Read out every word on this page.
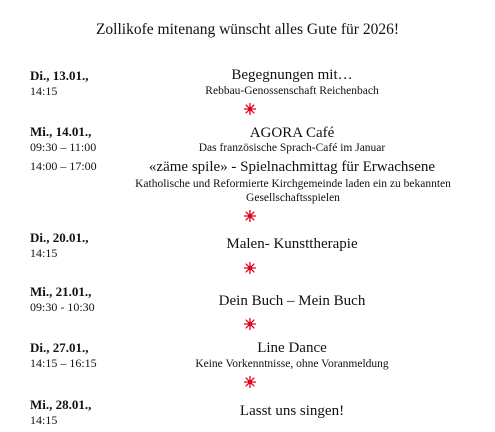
Zollikofe mitenang wünscht alles Gute für 2026!
Di., 13.01.,
14:15
Begegnungen mit…
Rebbau-Genossenschaft Reichenbach
Mi., 14.01.,
09:30 – 11:00
AGORA Café
Das französische Sprach-Café im Januar
14:00 – 17:00	«zäme spile» - Spielnachmittag für Erwachsene
Katholische und Reformierte Kirchgemeinde laden ein zu bekannten Gesellschaftsspielen
Di., 20.01.,
14:15
Malen- Kunsttherapie
Mi., 21.01.,
09:30 - 10:30	Dein Buch – Mein Buch
Di., 27.01.,
14:15 – 16:15
Line Dance
Keine Vorkenntnisse, ohne Voranmeldung
Mi., 28.01.,
14:15
Lasst uns singen!
